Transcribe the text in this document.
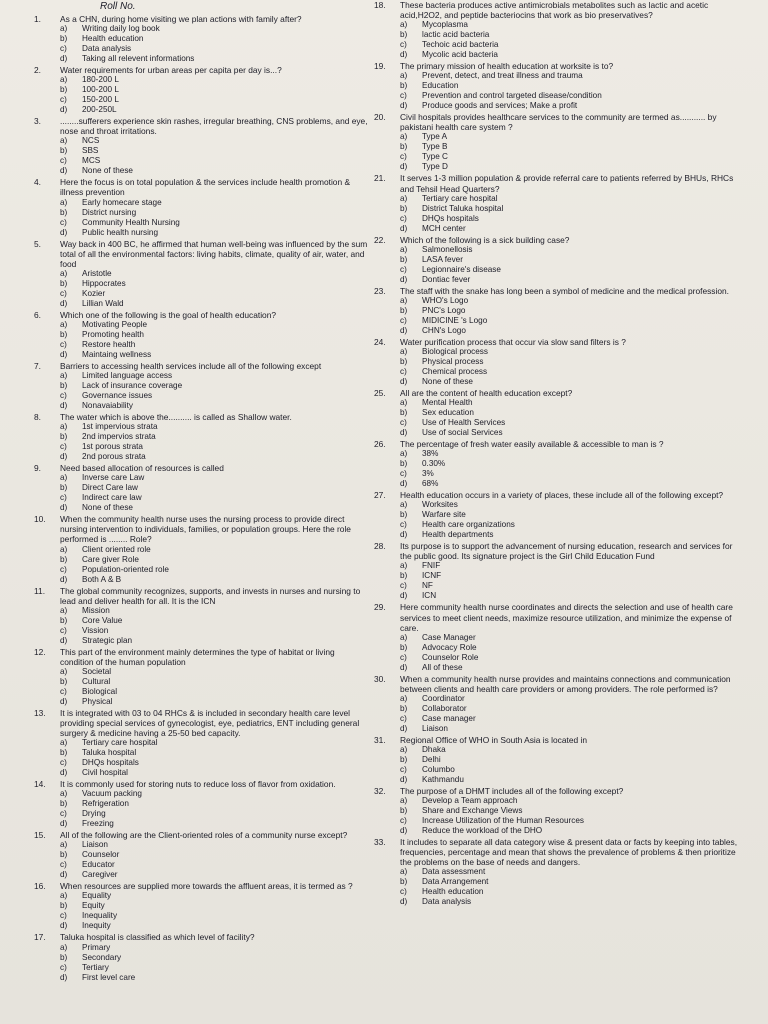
Roll No.
1.	As a CHN, during home visiting we plan actions with family after?
a)	Writing daily log book
b)	Health education
c)	Data analysis
d)	Taking all relevent informations
2.	Water requirements for urban areas per capita per day is...?
a)	180-200 L
b)	100-200 L
c)	150-200 L
d)	200-250L
3.	........sufferers experience skin rashes, irregular breathing, CNS problems, and eye, nose and throat irritations.
a)	NCS
b)	SBS
c)	MCS
d)	None of these
4.	Here the focus is on total population & the services include health promotion & illness prevention
a)	Early homecare stage
b)	District nursing
c)	Community Health Nursing
d)	Public health nursing
5.	Way back in 400 BC, he affirmed that human well-being was influenced by the sum total of all the environmental factors: living habits, climate, quality of air, water, and food
a)	Aristotle
b)	Hippocrates
c)	Kozier
d)	Lillian Wald
6.	Which one of the following is the goal of health education?
a)	Motivating People
b)	Promoting health
c)	Restore health
d)	Maintaing wellness
7.	Barriers to accessing health services include all of the following except
a)	Limited language access
b)	Lack of insurance coverage
c)	Governance issues
d)	Nonavaiability
8.	The water which is above the.......... is called as Shallow water.
a)	1st impervious strata
b)	2nd impervios strata
c)	1st porous strata
d)	2nd porous strata
9.	Need based allocation of resources is called
a)	Inverse care Law
b)	Direct Care law
c)	Indirect care law
d)	None of these
10.	When the community health nurse uses the nursing process to provide direct nursing intervention to individuals, families, or population groups. Here the role performed is ........ Role?
a)	Client oriented role
b)	Care giver Role
c)	Population-oriented role
d)	Both A & B
11.	The global community recognizes, supports, and invests in nurses and nursing to lead and deliver health for all. It is the ICN
a)	Mission
b)	Core Value
c)	Vission
d)	Strategic plan
12.	This part of the environment mainly determines the type of habitat or living condition of the human population
a)	Societal
b)	Cultural
c)	Biological
d)	Physical
13.	It is integrated with 03 to 04 RHCs & is included in secondary health care level providing special services of gynecologist, eye, pediatrics, ENT including general surgery & medicine having a 25-50 bed capacity.
a)	Tertiary care hospital
b)	Taluka hospital
c)	DHQs hospitals
d)	Civil hospital
14.	It is commonly used for storing nuts to reduce loss of flavor from oxidation.
a)	Vacuum packing
b)	Refrigeration
c)	Drying
d)	Freezing
15.	All of the following are the Client-oriented roles of a community nurse except?
a)	Liaison
b)	Counselor
c)	Educator
d)	Caregiver
16.	When resources are supplied more towards the affluent areas, it is termed as ?
a)	Equality
b)	Equity
c)	Inequality
d)	Inequity
17.	Taluka hospital is classified as which level of facility?
a)	Primary
b)	Secondary
c)	Tertiary
d)	First level care
18.	These bacteria produces active antimicrobials metabolites such as lactic and acetic acid,H2O2, and peptide bacteriocins that work as bio preservatives?
a)	Mycoplasma
b)	lactic acid bacteria
c)	Techoic acid bacteria
d)	Mycolic acid bacteria
19.	The primary mission of health education at worksite is to?
a)	Prevent, detect, and treat illness and trauma
b)	Education
c)	Prevention and control targeted disease/condition
d)	Produce goods and services; Make a profit
20.	Civil hospitals provides healthcare services to the community are termed as........... by pakistani health care system ?
a)	Type A
b)	Type B
c)	Type C
d)	Type D
21.	It serves 1-3 million population & provide referral care to patients referred by BHUs, RHCs and Tehsil Head Quarters?
a)	Tertiary care hospital
b)	District Taluka hospital
c)	DHQs hospitals
d)	MCH center
22.	Which of the following is a sick building case?
a)	Salmonellosis
b)	LASA fever
c)	Legionnaire's disease
d)	Dontiac fever
23.	The staff with the snake has long been a symbol of medicine and the medical profession.
a)	WHO's Logo
b)	PNC's Logo
c)	MIDICINE 's Logo
d)	CHN's Logo
24.	Water purification process that occur via slow sand filters is ?
a)	Biological process
b)	Physical process
c)	Chemical process
d)	None of these
25.	All are the content of health education except?
a)	Mental Health
b)	Sex education
c)	Use of Health Services
d)	Use of social Services
26.	The percentage of fresh water easily available & accessible to man is ?
a)	38%
b)	0.30%
c)	3%
d)	68%
27.	Health education occurs in a variety of places, these include all of the following except?
a)	Worksites
b)	Warfare site
c)	Health care organizations
d)	Health departments
28.	Its purpose is to support the advancement of nursing education, research and services for the public good. Its signature project is the Girl Child Education Fund
a)	FNIF
b)	ICNF
c)	NF
d)	ICN
29.	Here community health nurse coordinates and directs the selection and use of health care services to meet client needs, maximize resource utilization, and minimize the expense of care.
a)	Case Manager
b)	Advocacy Role
c)	Counselor Role
d)	All of these
30.	When a community health nurse provides and maintains connections and communication between clients and health care providers or among providers. The role performed is?
a)	Coordinator
b)	Collaborator
c)	Case manager
d)	Liaison
31.	Regional Office of WHO in South Asia is located in
a)	Dhaka
b)	Delhi
c)	Columbo
d)	Kathmandu
32.	The purpose of a DHMT includes all of the following except?
a)	Develop a Team approach
b)	Share and Exchange Views
c)	Increase Utilization of the Human Resources
d)	Reduce the workload of the DHO
33.	It includes to separate all data category wise & present data or facts by keeping into tables, frequencies, percentage and mean that shows the prevalence of problems & then prioritize the problems on the base of needs and dangers.
a)	Data assessment
b)	Data Arrangement
c)	Health education
d)	Data analysis
